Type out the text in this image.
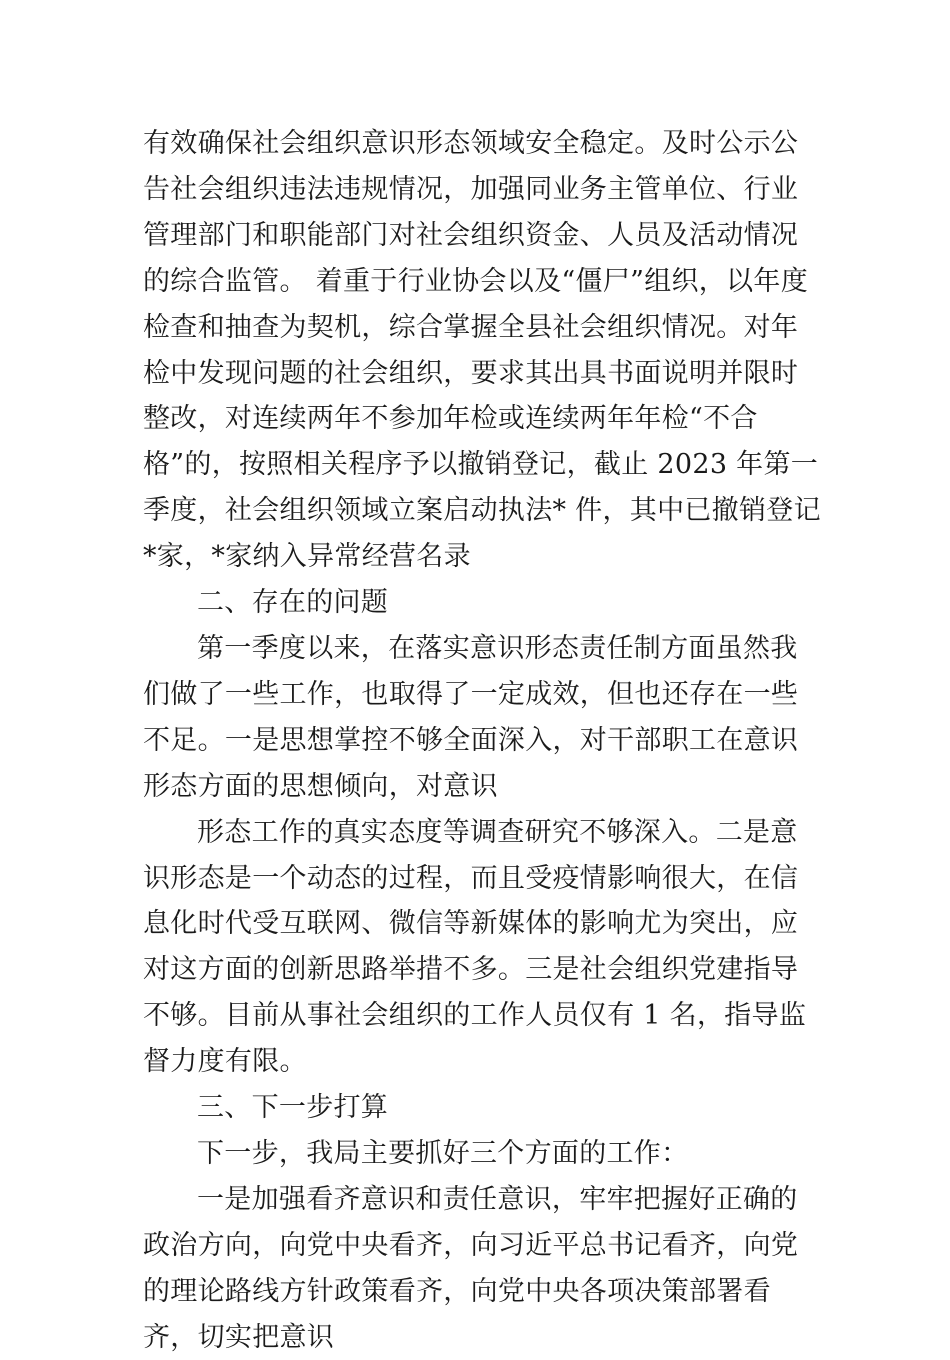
有效确保社会组织意识形态领域安全稳定。及时公示公告社会组织违法违规情况，加强同业务主管单位、行业管理部门和职能部门对社会组织资金、人员及活动情况的综合监管。 着重于行业协会以及“僵尸”组织，以年度检查和抽查为契机，综合掌握全县社会组织情况。对年检中发现问题的社会组织，要求其出具书面说明并限时整改，对连续两年不参加年检或连续两年年检“不合格”的，按照相关程序予以撤销登记，截止 2023 年第一季度，社会组织领域立案启动执法* 件，其中已撤销登记*家，*家纳入异常经营名录

二、存在的问题

第一季度以来，在落实意识形态责任制方面虽然我们做了一些工作，也取得了一定成效，但也还存在一些不足。一是思想掌控不够全面深入，对干部职工在意识形态方面的思想倾向，对意识

形态工作的真实态度等调查研究不够深入。二是意识形态是一个动态的过程，而且受疫情影响很大，在信息化时代受互联网、微信等新媒体的影响尤为突出，应对这方面的创新思路举措不多。三是社会组织党建指导不够。目前从事社会组织的工作人员仅有 1 名，指导监督力度有限。

三、下一步打算

下一步，我局主要抓好三个方面的工作：

一是加强看齐意识和责任意识，牢牢把握好正确的政治方向，向党中央看齐，向习近平总书记看齐，向党的理论路线方针政策看齐，向党中央各项决策部署看齐，切实把意识
